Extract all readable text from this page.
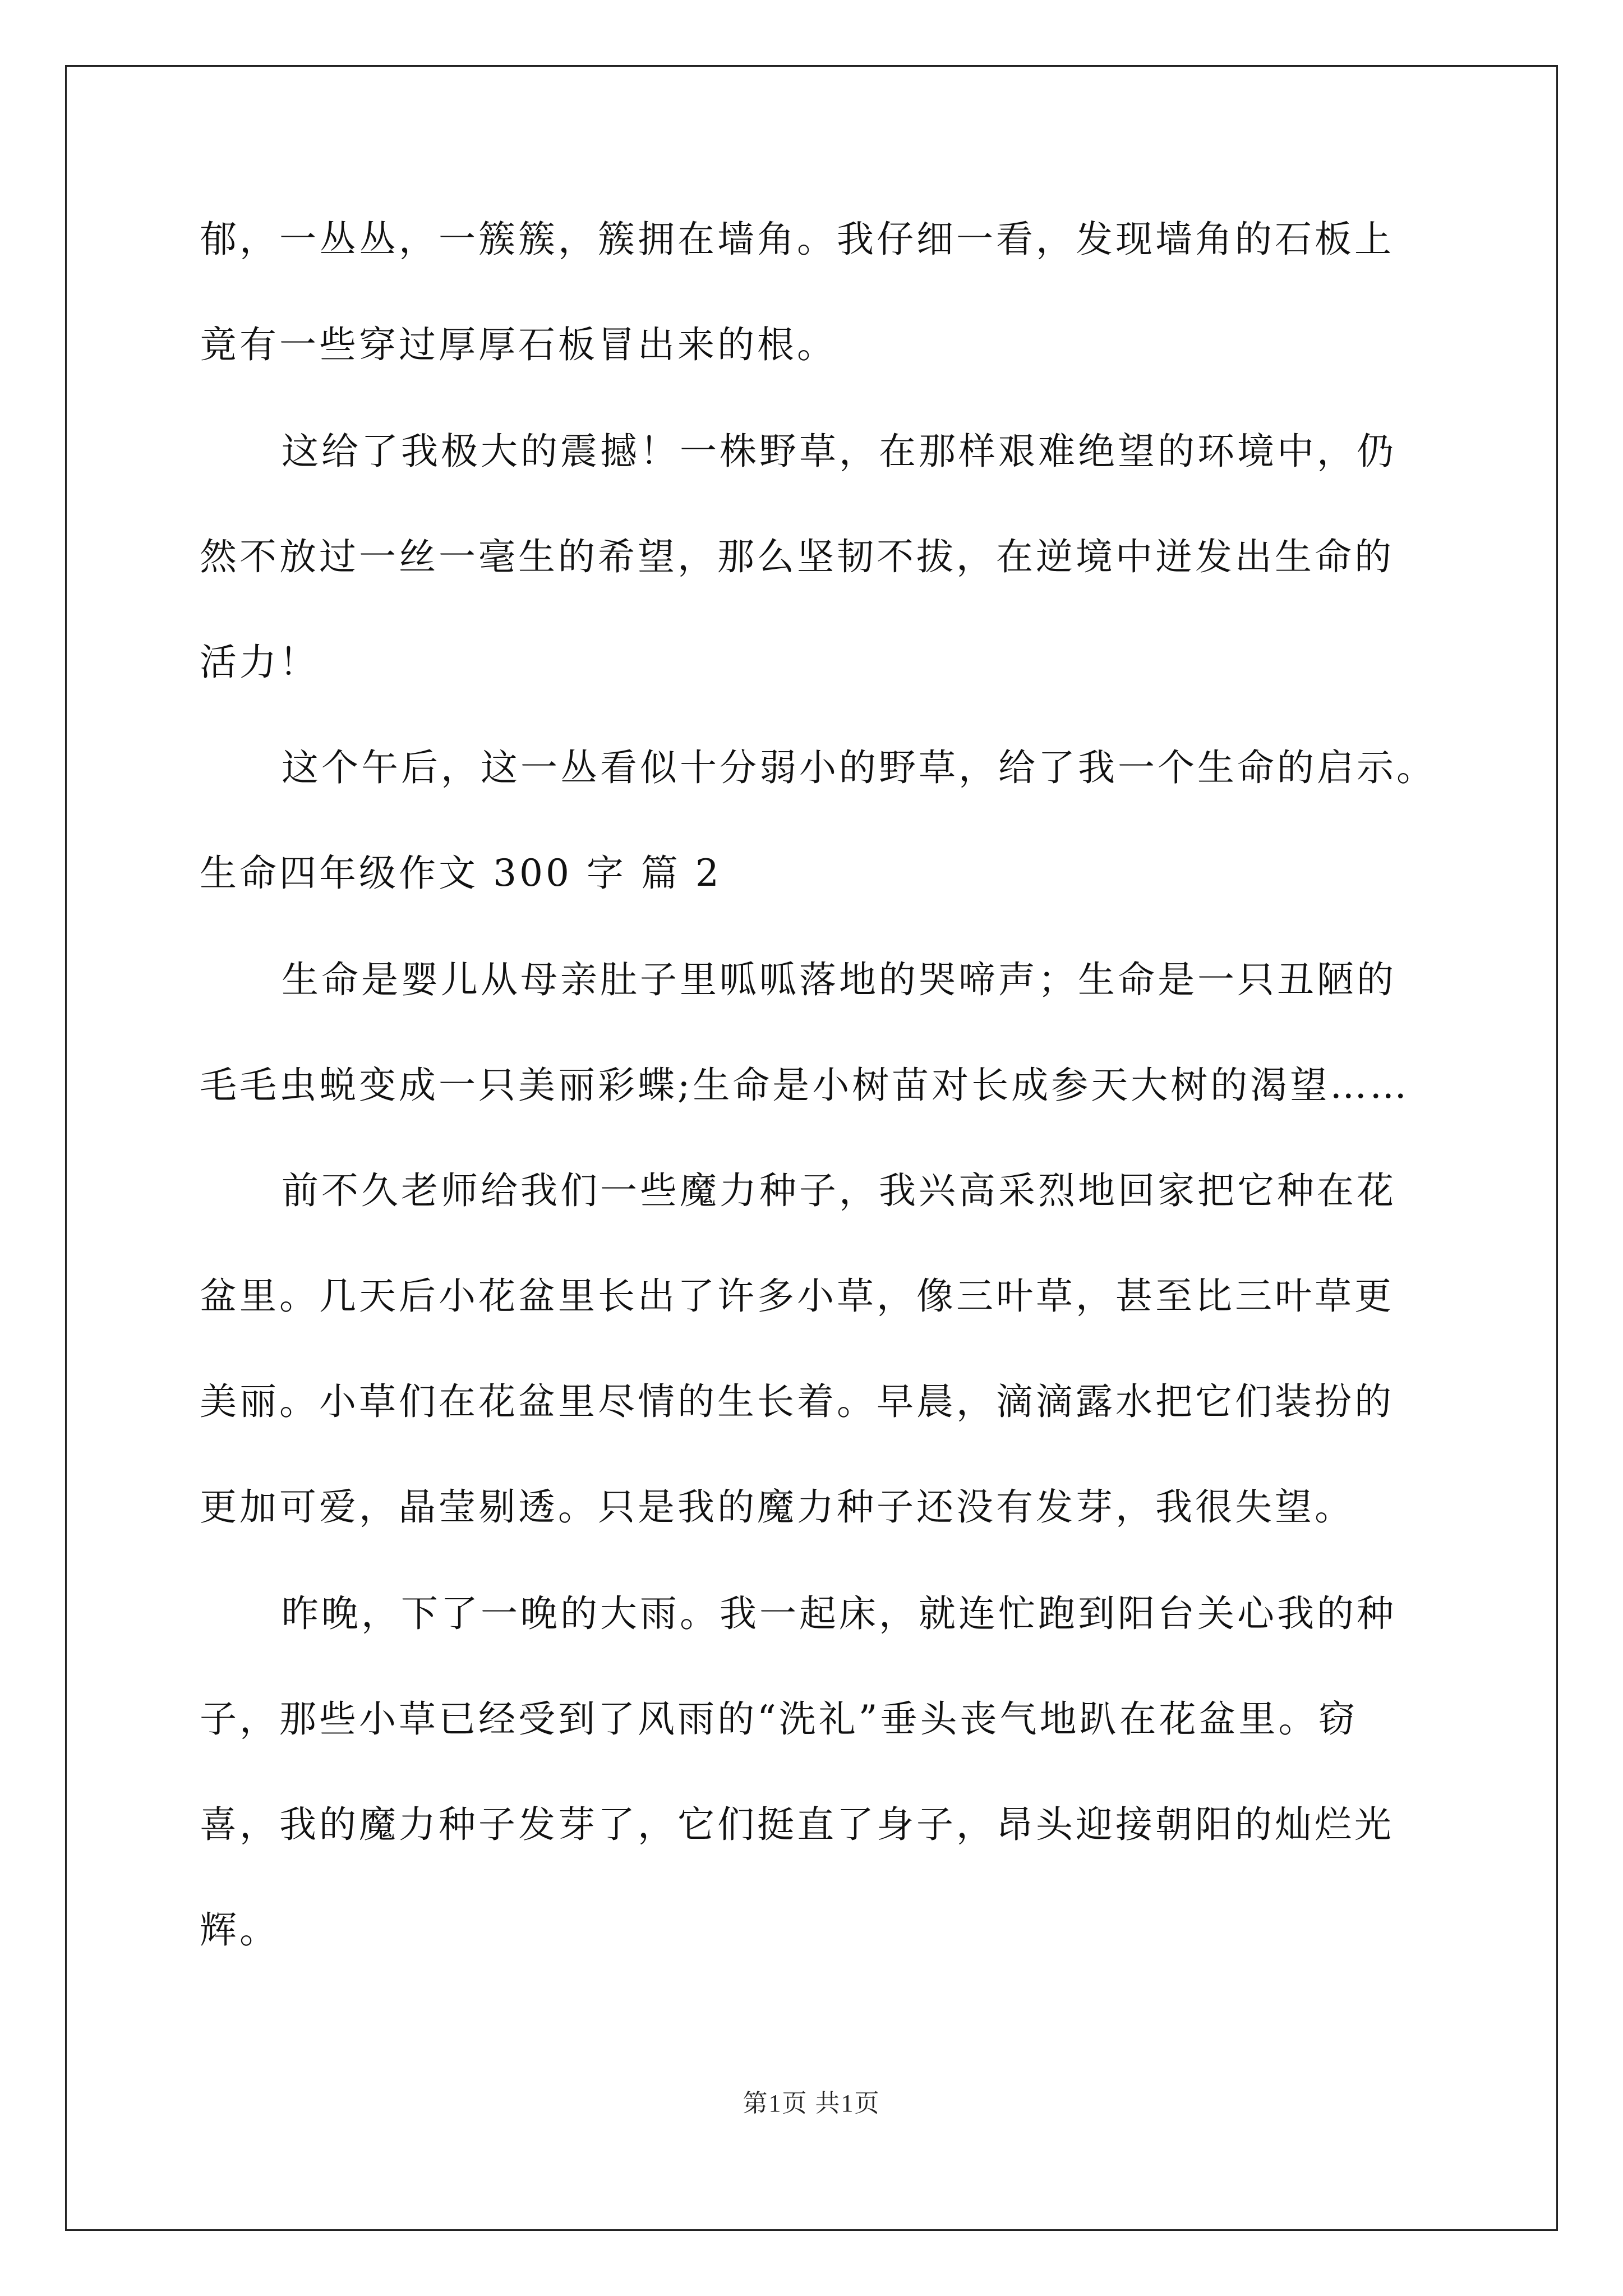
郁，一丛丛，一簇簇，簇拥在墙角。我仔细一看，发现墙角的石板上
竟有一些穿过厚厚石板冒出来的根。
这给了我极大的震撼！一株野草，在那样艰难绝望的环境中，仍
然不放过一丝一毫生的希望，那么坚韧不拔，在逆境中迸发出生命的
活力！
这个午后，这一丛看似十分弱小的野草，给了我一个生命的启示。
生命四年级作文 300 字 篇 2
生命是婴儿从母亲肚子里呱呱落地的哭啼声；生命是一只丑陋的
毛毛虫蜕变成一只美丽彩蝶;生命是小树苗对长成参天大树的渴望……
前不久老师给我们一些魔力种子，我兴高采烈地回家把它种在花
盆里。几天后小花盆里长出了许多小草，像三叶草，甚至比三叶草更
美丽。小草们在花盆里尽情的生长着。早晨，滴滴露水把它们装扮的
更加可爱，晶莹剔透。只是我的魔力种子还没有发芽，我很失望。
昨晚，下了一晚的大雨。我一起床，就连忙跑到阳台关心我的种
子，那些小草已经受到了风雨的“洗礼”垂头丧气地趴在花盆里。窃
喜，我的魔力种子发芽了，它们挺直了身子，昂头迎接朝阳的灿烂光
辉。
第1页 共1页
